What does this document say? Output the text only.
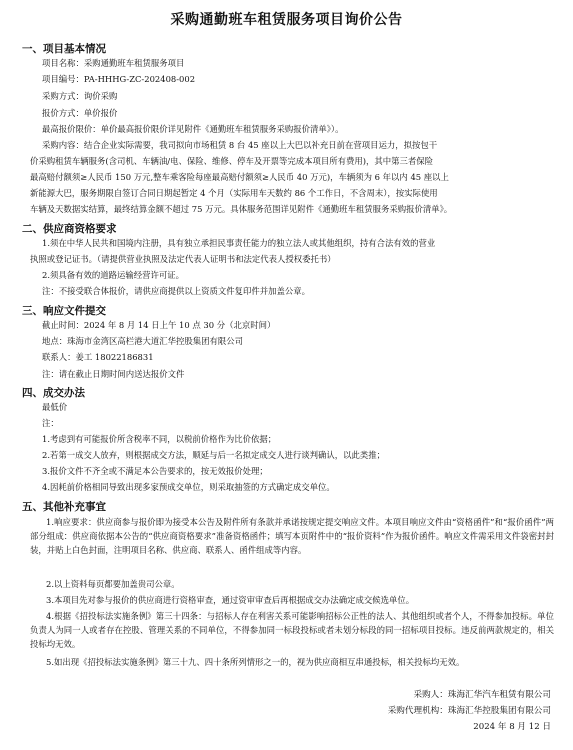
采购通勤班车租赁服务项目询价公告
一、项目基本情况
项目名称：采购通勤班车租赁服务项目
项目编号：PA-HHHG-ZC-202408-002
采购方式：询价采购
报价方式：单价报价
最高报价限价：单价最高报价限价详见附件《通勤班车租赁服务采购报价清单》）。
采购内容：结合企业实际需要，我司拟向市场租赁 8 台 45 座以上大巴以补充日前在营项目运力，拟按包干
价采购租赁车辆服务(含司机、车辆油/电、保险、维修、停车及开票等完成本项目所有费用)，其中第三者保险
最高赔付额须≥人民币 150 万元,整车乘客险每座最高赔付额须≥人民币 40 万元)，车辆须为 6 年以内 45 座以上
新能源大巴，服务期限自签订合同日期起暂定 4 个月（实际用车天数约 86 个工作日，不含周末），按实际使用
车辆及天数据实结算，最终结算金额不超过 75 万元。具体服务范围详见附件《通勤班车租赁服务采购报价清单》。
二、供应商资格要求
1.须在中华人民共和国境内注册，具有独立承担民事责任能力的独立法人或其他组织，持有合法有效的营业
执照或登记证书。（请提供营业执照及法定代表人证明书和法定代表人授权委托书）
2.须具备有效的道路运输经营许可证。
注：不接受联合体报价，请供应商提供以上资质文件复印件并加盖公章。
三、响应文件提交
截止时间：2024 年 8 月 14 日上午 10 点 30 分（北京时间）
地点：珠海市金湾区高栏港大道汇华控股集团有限公司
联系人：姜工 18022186831
注：请在截止日期时间内送达报价文件
四、成交办法
最低价
注：
1.考虑到有可能报价所含税率不同，以税前价格作为比价依据；
2.若第一成交人放弃，则根据成交方法，顺延与后一名拟定成交人进行谈判确认，以此类推；
3.报价文件不齐全或不满足本公告要求的，按无效报价处理；
4.因耗前价格相同导致出现多家预成交单位，则采取抽签的方式确定成交单位。
五、其他补充事宜
1.响应要求：供应商参与报价即为接受本公告及附件所有条款并承诺按规定提交响应文件。本项目响应文件由“资格函件”和“报价函件”两部分组成：供应商依据本公告的“供应商资格要求”准备资格函件；填写本页附件中的“报价资料”作为报价函件。响应文件需采用文件袋密封封装，并贴上白色封面，注明项目名称、供应商、联系人、函件组成等内容。
2.以上资料每页都要加盖贵司公章。
3.本项目先对参与报价的供应商进行资格审查，通过资审审查后再根据成交办法确定成交候选单位。
4.根据《招投标法实施条例》第三十四条：与招标人存在利害关系可能影响招标公正性的法人、其他组织或者个人，不得参加投标。单位负责人为同一人或者存在控股、管理关系的不同单位，不得参加同一标段投标或者未划分标段的同一招标项目投标。违反前两款规定的，相关投标均无效。
5.如出现《招投标法实施条例》第三十九、四十条所列情形之一的，视为供应商相互串通投标，相关投标均无效。
采购人：珠海汇华汽车租赁有限公司
采购代理机构：珠海汇华控股集团有限公司
2024 年 8 月 12 日
